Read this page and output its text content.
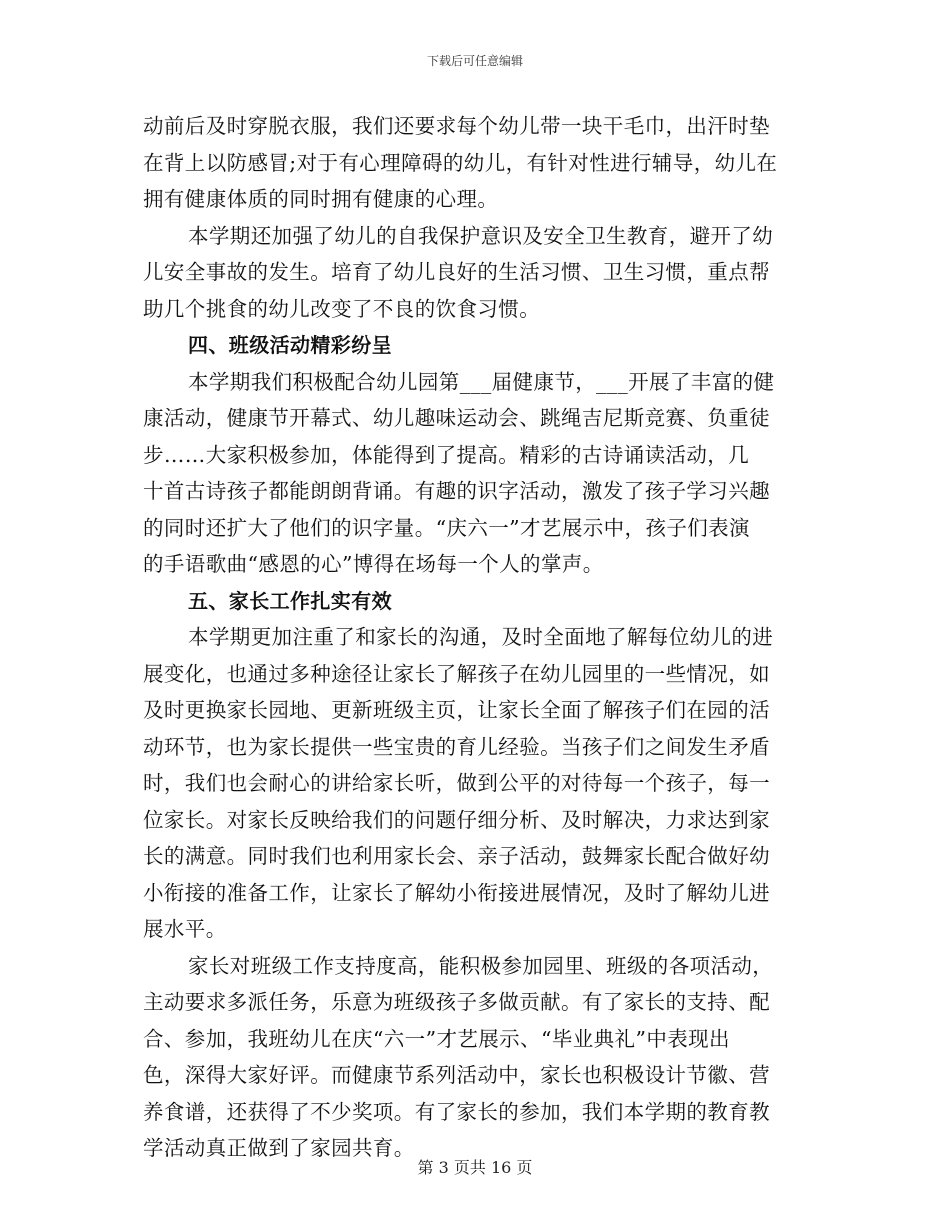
下载后可任意编辑
动前后及时穿脱衣服，我们还要求每个幼儿带一块干毛巾，出汗时垫
在背上以防感冒;对于有心理障碍的幼儿，有针对性进行辅导，幼儿在
拥有健康体质的同时拥有健康的心理。
本学期还加强了幼儿的自我保护意识及安全卫生教育，避开了幼
儿安全事故的发生。培育了幼儿良好的生活习惯、卫生习惯，重点帮
助几个挑食的幼儿改变了不良的饮食习惯。
四、班级活动精彩纷呈
本学期我们积极配合幼儿园第___届健康节，___开展了丰富的健
康活动，健康节开幕式、幼儿趣味运动会、跳绳吉尼斯竞赛、负重徒
步……大家积极参加，体能得到了提高。精彩的古诗诵读活动，几
十首古诗孩子都能朗朗背诵。有趣的识字活动，激发了孩子学习兴趣
的同时还扩大了他们的识字量。“庆六一”才艺展示中，孩子们表演
的手语歌曲“感恩的心”博得在场每一个人的掌声。
五、家长工作扎实有效
本学期更加注重了和家长的沟通，及时全面地了解每位幼儿的进
展变化，也通过多种途径让家长了解孩子在幼儿园里的一些情况，如
及时更换家长园地、更新班级主页，让家长全面了解孩子们在园的活
动环节，也为家长提供一些宝贵的育儿经验。当孩子们之间发生矛盾
时，我们也会耐心的讲给家长听，做到公平的对待每一个孩子，每一
位家长。对家长反映给我们的问题仔细分析、及时解决，力求达到家
长的满意。同时我们也利用家长会、亲子活动，鼓舞家长配合做好幼
小衔接的准备工作，让家长了解幼小衔接进展情况，及时了解幼儿进
展水平。
家长对班级工作支持度高，能积极参加园里、班级的各项活动，
主动要求多派任务，乐意为班级孩子多做贡献。有了家长的支持、配
合、参加，我班幼儿在庆“六一”才艺展示、“毕业典礼”中表现出
色，深得大家好评。而健康节系列活动中，家长也积极设计节徽、营
养食谱，还获得了不少奖项。有了家长的参加，我们本学期的教育教
学活动真正做到了家园共育。
第 3 页共 16 页
